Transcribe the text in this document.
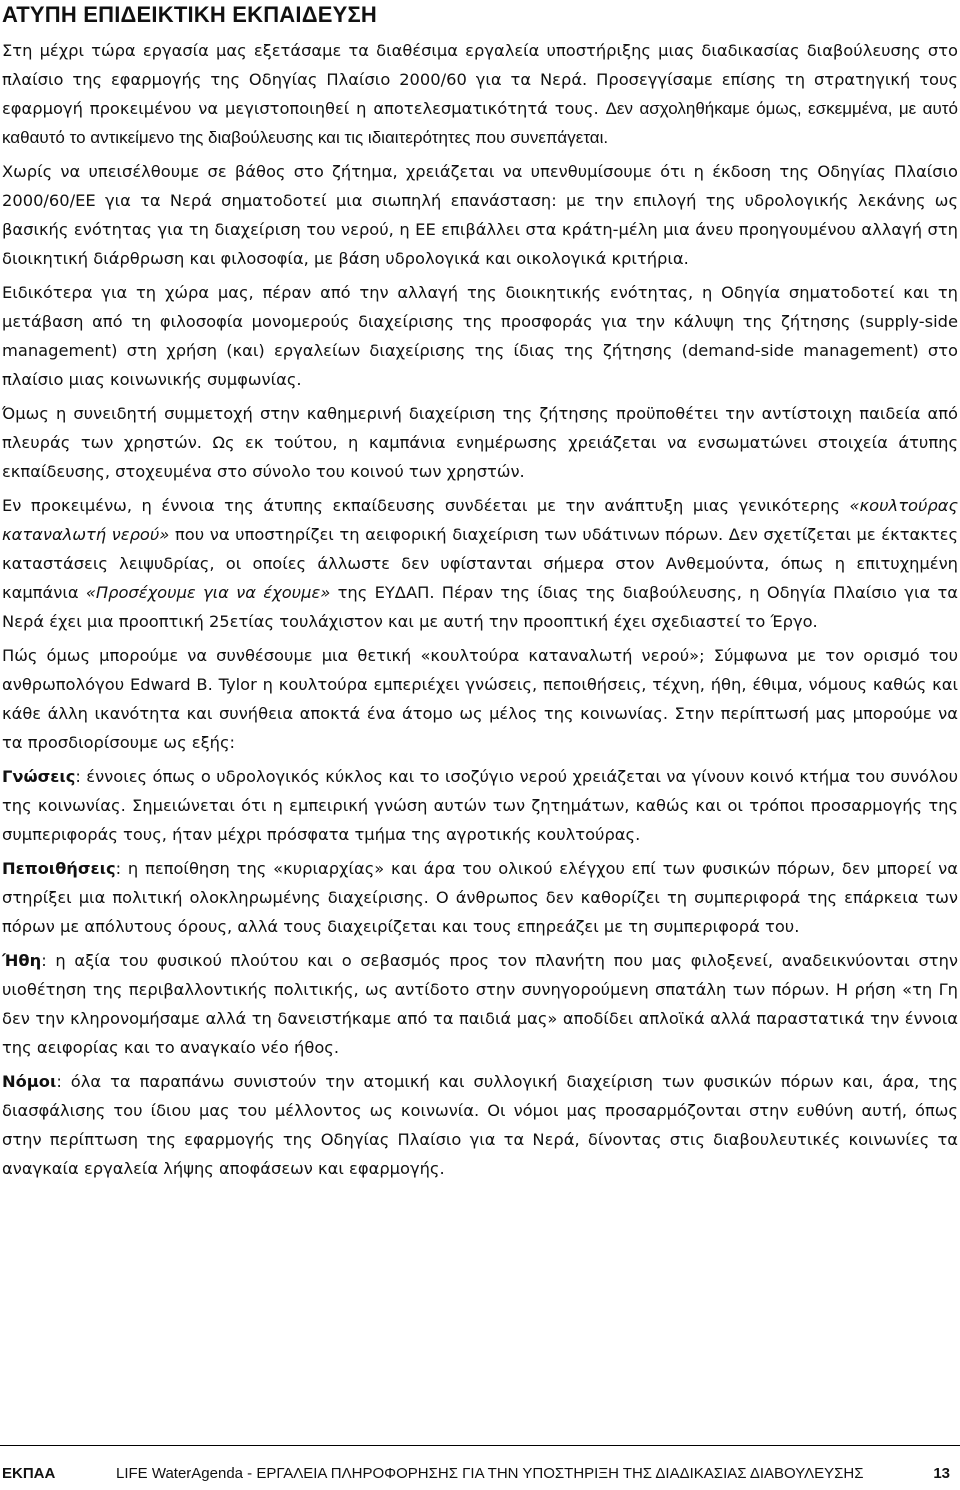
ΑΤΥΠΗ ΕΠΙΔΕΙΚΤΙΚΗ ΕΚΠΑΙΔΕΥΣΗ

Στη μέχρι τώρα εργασία μας εξετάσαμε τα διαθέσιμα εργαλεία υποστήριξης μιας διαδικασίας διαβούλευσης στο πλαίσιο της εφαρμογής της Οδηγίας Πλαίσιο 2000/60 για τα Νερά. Προσεγγίσαμε επίσης τη στρατηγική τους εφαρμογή προκειμένου να μεγιστοποιηθεί η αποτελεσματικότητά τους. Δεν ασχοληθήκαμε όμως, εσκεμμένα, με αυτό καθαυτό το αντικείμενο της διαβούλευσης και τις ιδιαιτερότητες που συνεπάγεται.

Χωρίς να υπεισέλθουμε σε βάθος στο ζήτημα, χρειάζεται να υπενθυμίσουμε ότι η έκδοση της Οδηγίας Πλαίσιο 2000/60/ΕΕ για τα Νερά σηματοδοτεί μια σιωπηλή επανάσταση: με την επιλογή της υδρολογικής λεκάνης ως βασικής ενότητας για τη διαχείριση του νερού, η ΕΕ επιβάλλει στα κράτη-μέλη μια άνευ προηγουμένου αλλαγή στη διοικητική διάρθρωση και φιλοσοφία, με βάση υδρολογικά και οικολογικά κριτήρια.

Ειδικότερα για τη χώρα μας, πέραν από την αλλαγή της διοικητικής ενότητας, η Οδηγία σηματοδοτεί και τη μετάβαση από τη φιλοσοφία μονομερούς διαχείρισης της προσφοράς για την κάλυψη της ζήτησης (supply-side management) στη χρήση (και) εργαλείων διαχείρισης της ίδιας της ζήτησης (demand-side management) στο πλαίσιο μιας κοινωνικής συμφωνίας.

Όμως η συνειδητή συμμετοχή στην καθημερινή διαχείριση της ζήτησης προϋποθέτει την αντίστοιχη παιδεία από πλευράς των χρηστών. Ως εκ τούτου, η καμπάνια ενημέρωσης χρειάζεται να ενσωματώνει στοιχεία άτυπης εκπαίδευσης, στοχευμένα στο σύνολο του κοινού των χρηστών.

Εν προκειμένω, η έννοια της άτυπης εκπαίδευσης συνδέεται με την ανάπτυξη μιας γενικότερης «κουλτούρας καταναλωτή νερού» που να υποστηρίζει τη αειφορική διαχείριση των υδάτινων πόρων. Δεν σχετίζεται με έκτακτες καταστάσεις λειψυδρίας, οι οποίες άλλωστε δεν υφίστανται σήμερα στον Ανθεμούντα, όπως η επιτυχημένη καμπάνια «Προσέχουμε για να έχουμε» της ΕΥΔΑΠ. Πέραν της ίδιας της διαβούλευσης, η Οδηγία Πλαίσιο για τα Νερά έχει μια προοπτική 25ετίας τουλάχιστον και με αυτή την προοπτική έχει σχεδιαστεί το Έργο.

Πώς όμως μπορούμε να συνθέσουμε μια θετική «κουλτούρα καταναλωτή νερού»; Σύμφωνα με τον ορισμό του ανθρωπολόγου Edward B. Tylor η κουλτούρα εμπεριέχει γνώσεις, πεποιθήσεις, τέχνη, ήθη, έθιμα, νόμους καθώς και κάθε άλλη ικανότητα και συνήθεια αποκτά ένα άτομο ως μέλος της κοινωνίας. Στην περίπτωσή μας μπορούμε να τα προσδιορίσουμε ως εξής:

Γνώσεις: έννοιες όπως ο υδρολογικός κύκλος και το ισοζύγιο νερού χρειάζεται να γίνουν κοινό κτήμα του συνόλου της κοινωνίας. Σημειώνεται ότι η εμπειρική γνώση αυτών των ζητημάτων, καθώς και οι τρόποι προσαρμογής της συμπεριφοράς τους, ήταν μέχρι πρόσφατα τμήμα της αγροτικής κουλτούρας.

Πεποιθήσεις: η πεποίθηση της «κυριαρχίας» και άρα του ολικού ελέγχου επί των φυσικών πόρων, δεν μπορεί να στηρίξει μια πολιτική ολοκληρωμένης διαχείρισης. Ο άνθρωπος δεν καθορίζει τη συμπεριφορά της επάρκεια των πόρων με απόλυτους όρους, αλλά τους διαχειρίζεται και τους επηρεάζει με τη συμπεριφορά του.

Ήθη: η αξία του φυσικού πλούτου και ο σεβασμός προς τον πλανήτη που μας φιλοξενεί, αναδεικνύονται στην υιοθέτηση της περιβαλλοντικής πολιτικής, ως αντίδοτο στην συνηγορούμενη σπατάλη των πόρων. Η ρήση «τη Γη δεν την κληρονομήσαμε αλλά τη δανειστήκαμε από τα παιδιά μας» αποδίδει απλοϊκά αλλά παραστατικά την έννοια της αειφορίας και το αναγκαίο νέο ήθος.

Νόμοι: όλα τα παραπάνω συνιστούν την ατομική και συλλογική διαχείριση των φυσικών πόρων και, άρα, της διασφάλισης του ίδιου μας του μέλλοντος ως κοινωνία. Οι νόμοι μας προσαρμόζονται στην ευθύνη αυτή, όπως στην περίπτωση της εφαρμογής της Οδηγίας Πλαίσιο για τα Νερά, δίνοντας στις διαβουλευτικές κοινωνίες τα αναγκαία εργαλεία λήψης αποφάσεων και εφαρμογής.

ΕΚΠΑΑ	LIFE WaterAgenda - ΕΡΓΑΛΕΙΑ ΠΛΗΡΟΦΟΡΗΣΗΣ ΓΙΑ ΤΗΝ ΥΠΟΣΤΗΡΙΞΗ ΤΗΣ ΔΙΑΔΙΚΑΣΙΑΣ ΔΙΑΒΟΥΛΕΥΣΗΣ	13
